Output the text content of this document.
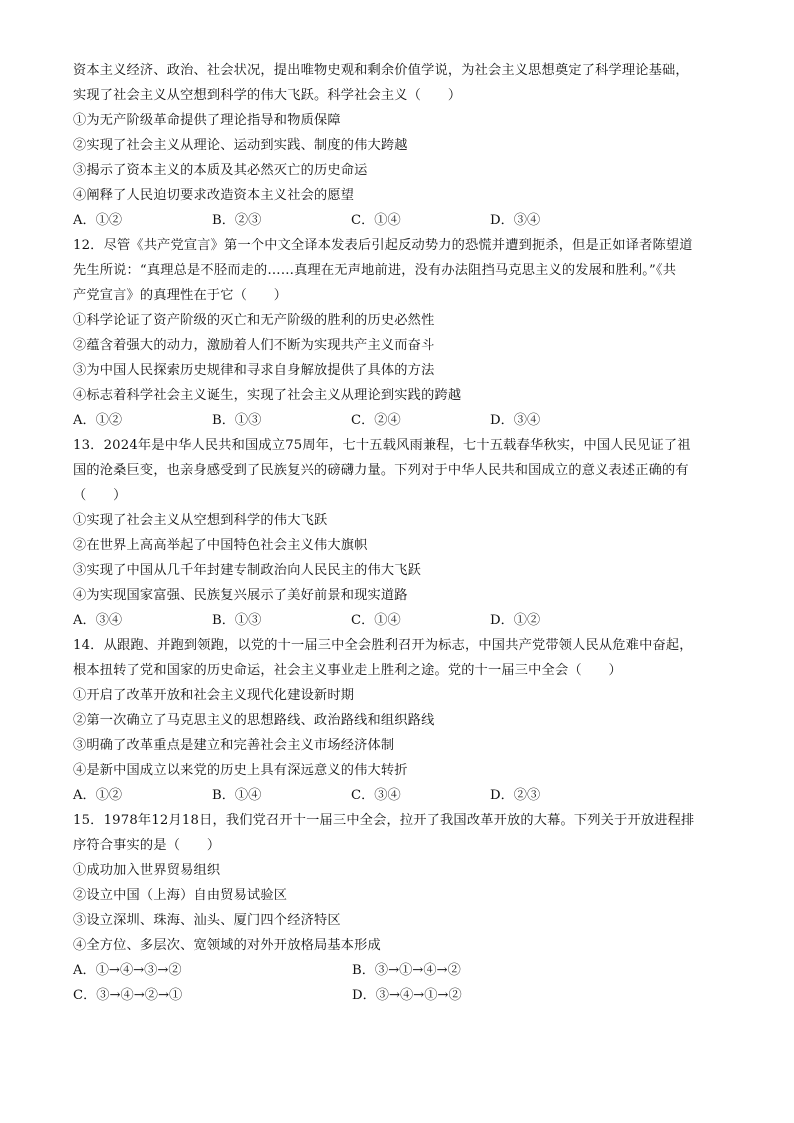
资本主义经济、政治、社会状况，提出唯物史观和剩余价值学说，为社会主义思想奠定了科学理论基础，
实现了社会主义从空想到科学的伟大飞跃。科学社会主义（　　）
①为无产阶级革命提供了理论指导和物质保障
②实现了社会主义从理论、运动到实践、制度的伟大跨越
③揭示了资本主义的本质及其必然灭亡的历史命运
④阐释了人民迫切要求改造资本主义社会的愿望
A．①②	B．②③	C．①④	D．③④
12．尽管《共产党宣言》第一个中文全译本发表后引起反动势力的恐慌并遭到扼杀，但是正如译者陈望道
先生所说：“真理总是不胫而走的……真理在无声地前进，没有办法阻挡马克思主义的发展和胜利。”《共
产党宣言》的真理性在于它（　　）
①科学论证了资产阶级的灭亡和无产阶级的胜利的历史必然性
②蕴含着强大的动力，激励着人们不断为实现共产主义而奋斗
③为中国人民探索历史规律和寻求自身解放提供了具体的方法
④标志着科学社会主义诞生，实现了社会主义从理论到实践的跨越
A．①②	B．①③	C．②④	D．③④
13．2024年是中华人民共和国成立75周年，七十五载风雨兼程，七十五载春华秋实，中国人民见证了祖
国的沧桑巨变，也亲身感受到了民族复兴的磅礴力量。下列对于中华人民共和国成立的意义表述正确的有
（　　）
①实现了社会主义从空想到科学的伟大飞跃
②在世界上高高举起了中国特色社会主义伟大旗帜
③实现了中国从几千年封建专制政治向人民民主的伟大飞跃
④为实现国家富强、民族复兴展示了美好前景和现实道路
A．③④	B．①③	C．①④	D．①②
14．从跟跑、并跑到领跑，以党的十一届三中全会胜利召开为标志，中国共产党带领人民从危难中奋起，
根本扭转了党和国家的历史命运，社会主义事业走上胜利之途。党的十一届三中全会（　　）
①开启了改革开放和社会主义现代化建设新时期
②第一次确立了马克思主义的思想路线、政治路线和组织路线
③明确了改革重点是建立和完善社会主义市场经济体制
④是新中国成立以来党的历史上具有深远意义的伟大转折
A．①②	B．①④	C．③④	D．②③
15．1978年12月18日，我们党召开十一届三中全会，拉开了我国改革开放的大幕。下列关于开放进程排
序符合事实的是（　　）
①成功加入世界贸易组织
②设立中国（上海）自由贸易试验区
③设立深圳、珠海、汕头、厦门四个经济特区
④全方位、多层次、宽领域的对外开放格局基本形成
A．①→④→③→②	B．③→①→④→②
C．③→④→②→①	D．③→④→①→②
